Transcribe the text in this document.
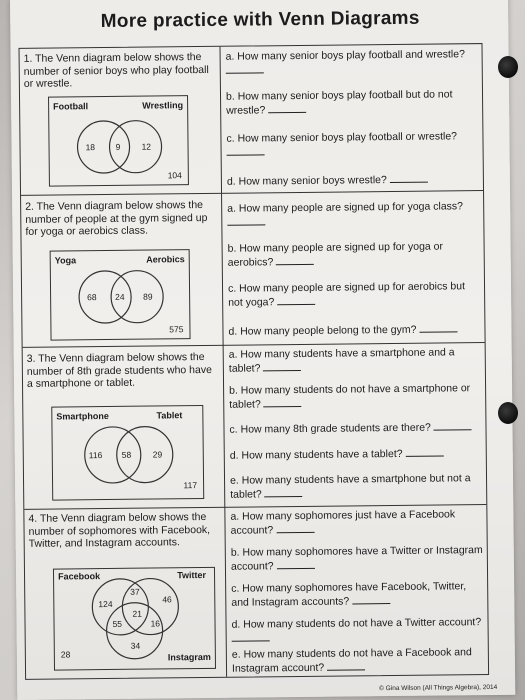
More practice with Venn Diagrams
1. The Venn diagram below shows the number of senior boys who play football or wrestle.
Football	Wrestling
18 9 12
104
a. How many senior boys play football and wrestle?
b. How many senior boys play football but do not wrestle?
c. How many senior boys play football or wrestle?
d. How many senior boys wrestle?
2. The Venn diagram below shows the number of people at the gym signed up for yoga or aerobics class.
Yoga	Aerobics
68 24 89
575
a. How many people are signed up for yoga class?
b. How many people are signed up for yoga or aerobics?
c. How many people are signed up for aerobics but not yoga?
d. How many people belong to the gym?
3. The Venn diagram below shows the number of 8th grade students who have a smartphone or tablet.
Smartphone	Tablet
116 58	29
117
a. How many students have a smartphone and a tablet?
b. How many students do not have a smartphone or tablet?
c. How many 8th grade students are there?
d. How many students have a tablet?
e. How many students have a smartphone but not a tablet?
4. The Venn diagram below shows the number of sophomores with Facebook, Twitter, and Instagram accounts.
Facebook	Twitter
Instagram
124
37
46
21
55	16
34
28
a. How many sophomores just have a Facebook account?
b. How many sophomores have a Twitter or Instagram account?
c. How many sophomores have Facebook, Twitter, and Instagram accounts?
d. How many students do not have a Twitter account?
e. How many students do not have a Facebook and Instagram account?
© Gina Wilson (All Things Algebra), 2014
